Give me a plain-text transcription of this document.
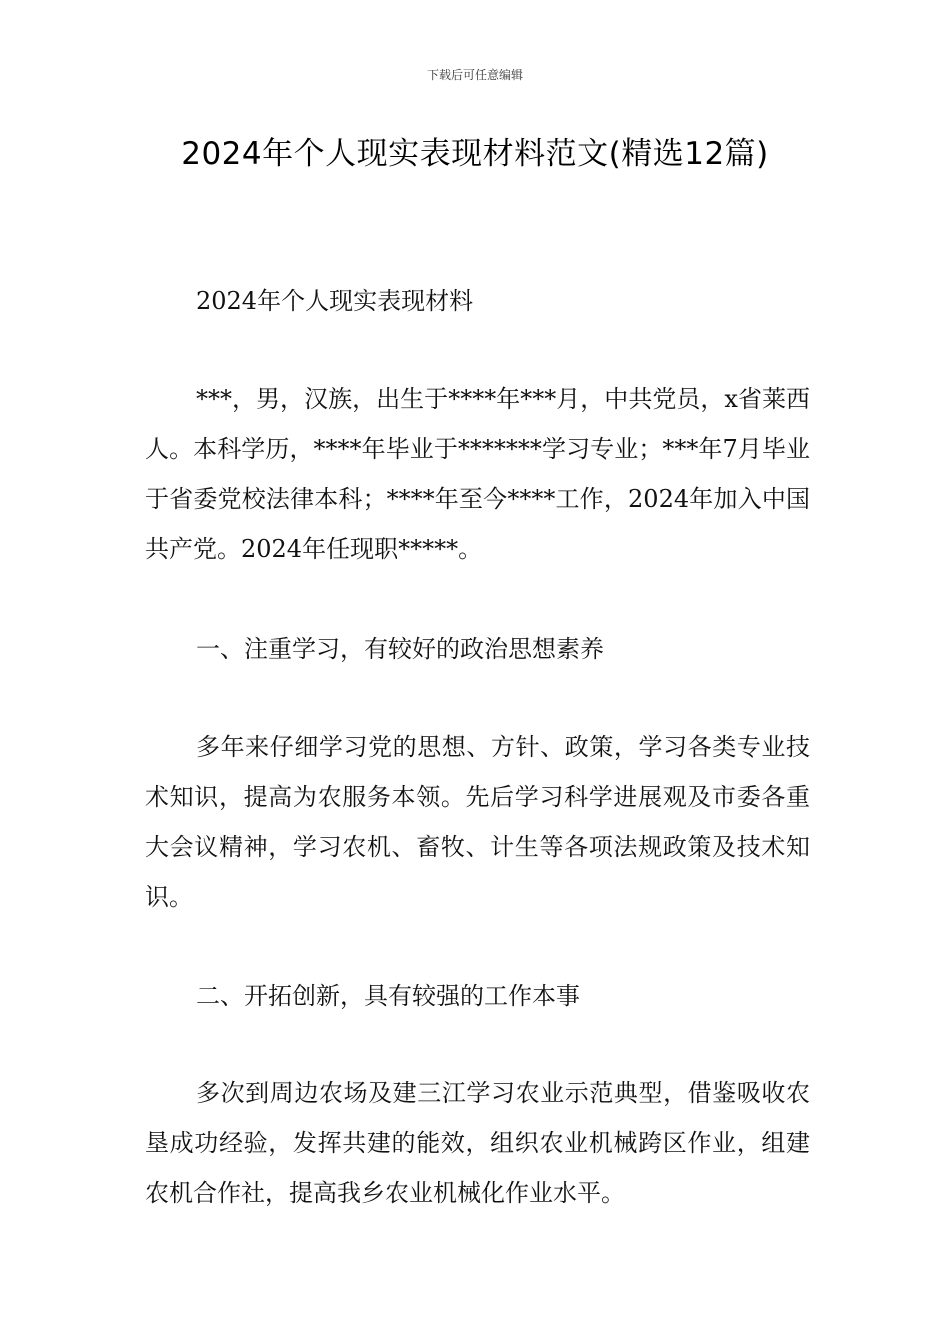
下载后可任意编辑
2024年个人现实表现材料范文(精选12篇)
2024年个人现实表现材料
***，男，汉族，出生于****年***月，中共党员，x省莱西人。本科学历，****年毕业于*******学习专业；***年7月毕业于省委党校法律本科；****年至今****工作，2024年加入中国共产党。2024年任现职*****。
一、注重学习，有较好的政治思想素养
多年来仔细学习党的思想、方针、政策，学习各类专业技术知识，提高为农服务本领。先后学习科学进展观及市委各重大会议精神，学习农机、畜牧、计生等各项法规政策及技术知识。
二、开拓创新，具有较强的工作本事
多次到周边农场及建三江学习农业示范典型，借鉴吸收农垦成功经验，发挥共建的能效，组织农业机械跨区作业，组建农机合作社，提高我乡农业机械化作业水平。
